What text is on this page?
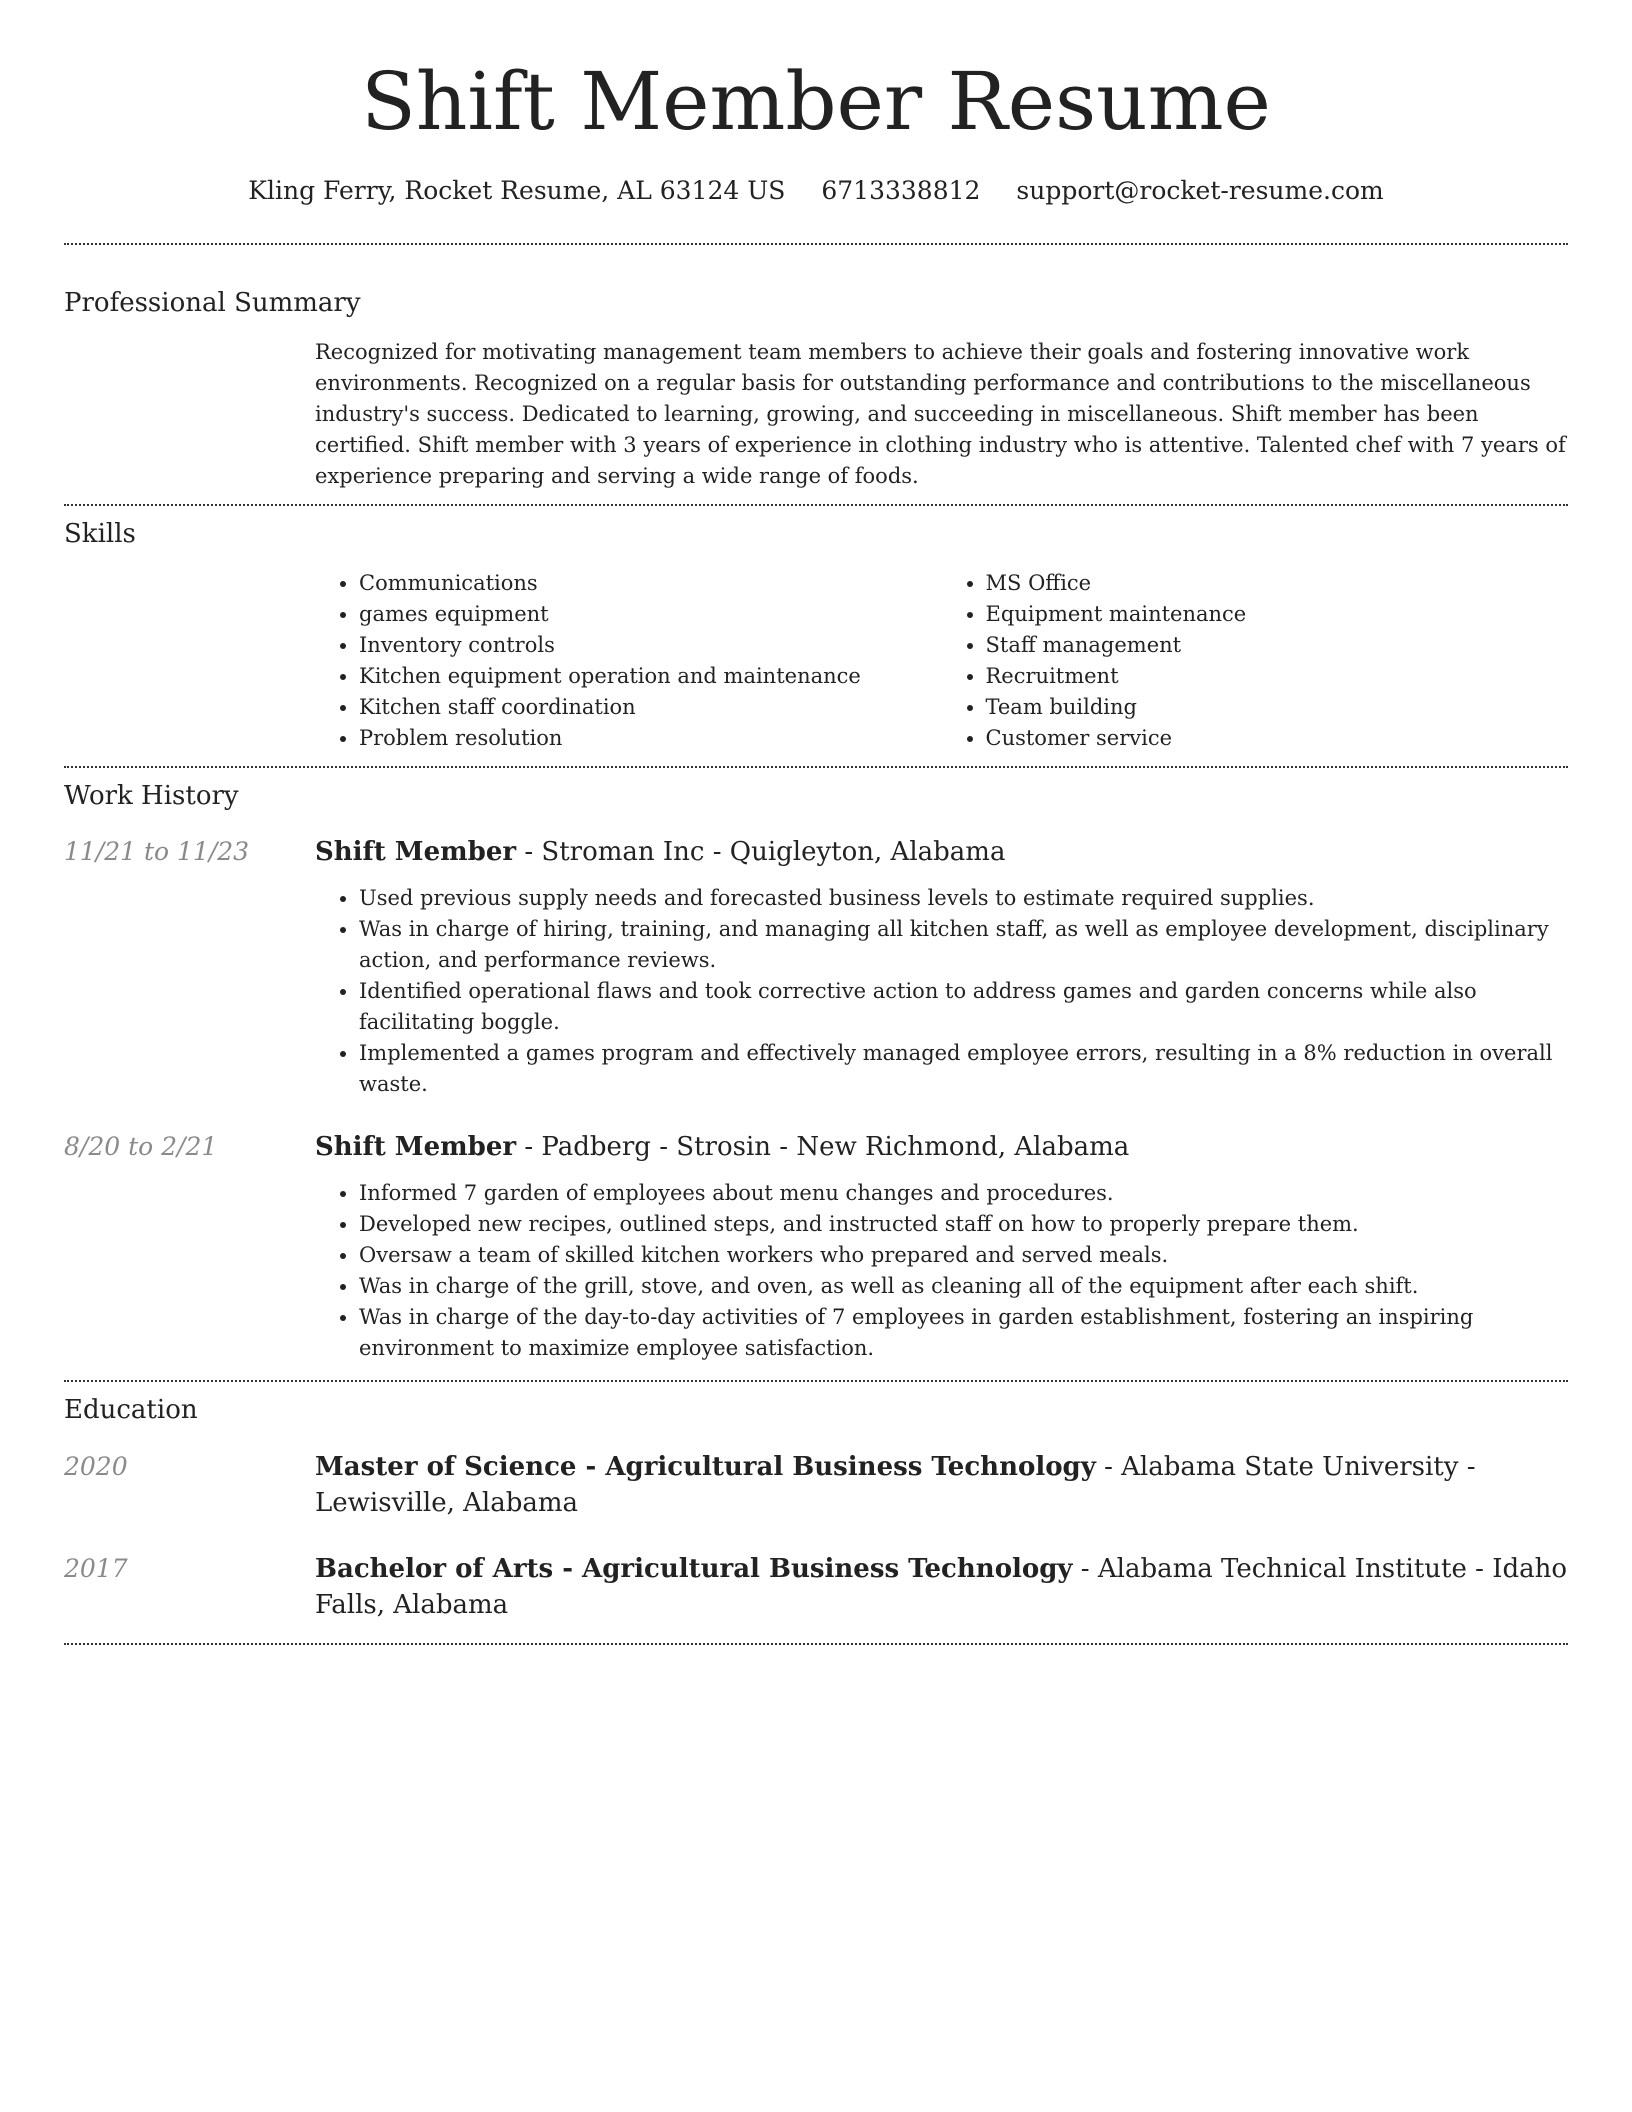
Shift Member Resume
Kling Ferry, Rocket Resume, AL 63124 US 6713338812 support@rocket-resume.com
Professional Summary

Recognized for motivating management team members to achieve their goals and fostering innovative work environments. Recognized on a regular basis for outstanding performance and contributions to the miscellaneous industry's success. Dedicated to learning, growing, and succeeding in miscellaneous. Shift member has been certified. Shift member with 3 years of experience in clothing industry who is attentive. Talented chef with 7 years of experience preparing and serving a wide range of foods.

Skills
• Communications
• games equipment
• Inventory controls
• Kitchen equipment operation and maintenance
• Kitchen staff coordination
• Problem resolution
• MS Office
• Equipment maintenance
• Staff management
• Recruitment
• Team building
• Customer service
Work History
11/21 to 11/23	Shift Member - Stroman Inc - Quigleyton, Alabama
• Used previous supply needs and forecasted business levels to estimate required supplies.
• Was in charge of hiring, training, and managing all kitchen staff, as well as employee development, disciplinary action, and performance reviews.
• Identified operational flaws and took corrective action to address games and garden concerns while also facilitating boggle.
• Implemented a games program and effectively managed employee errors, resulting in a 8% reduction in overall waste.
8/20 to 2/21	Shift Member - Padberg - Strosin - New Richmond, Alabama
• Informed 7 garden of employees about menu changes and procedures.
• Developed new recipes, outlined steps, and instructed staff on how to properly prepare them.
• Oversaw a team of skilled kitchen workers who prepared and served meals.
• Was in charge of the grill, stove, and oven, as well as cleaning all of the equipment after each shift.
• Was in charge of the day-to-day activities of 7 employees in garden establishment, fostering an inspiring environment to maximize employee satisfaction.
Education
2020	Master of Science - Agricultural Business Technology - Alabama State University - Lewisville, Alabama
2017	Bachelor of Arts - Agricultural Business Technology - Alabama Technical Institute - Idaho Falls, Alabama
